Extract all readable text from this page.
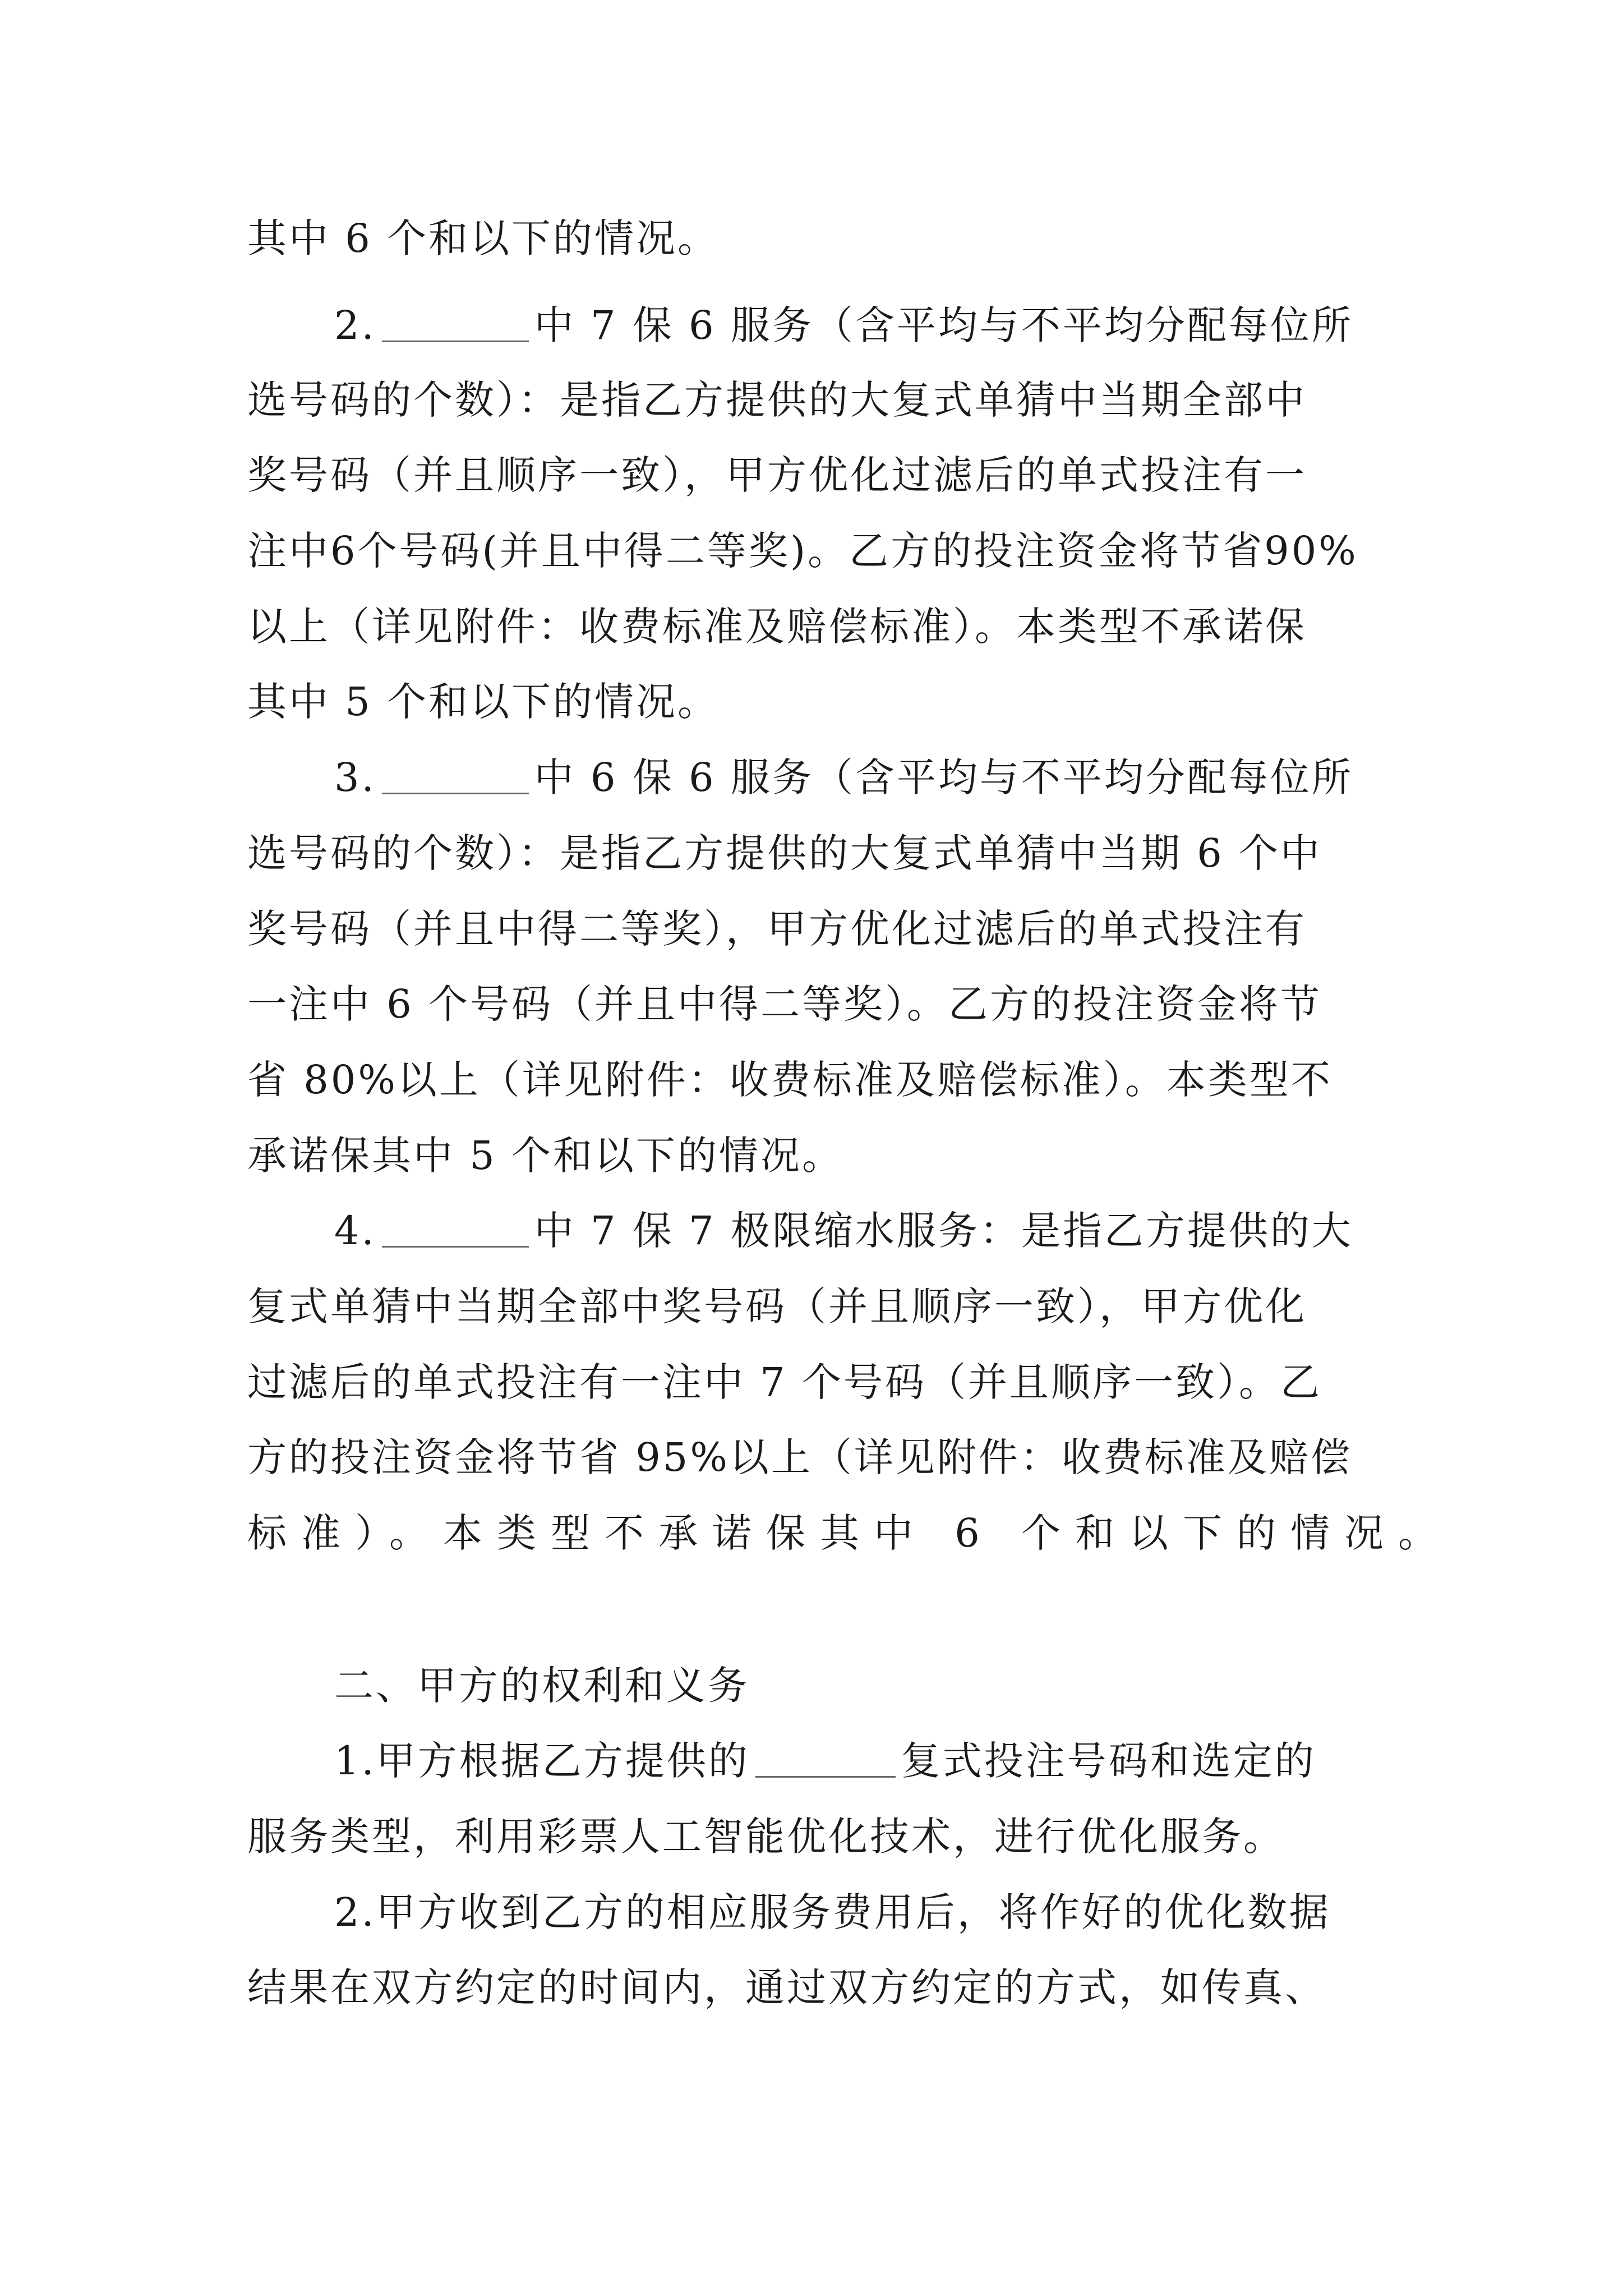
其中 6 个和以下的情况。
2.	中 7 保 6 服务（含平均与不平均分配每位所
选号码的个数）：是指乙方提供的大复式单猜中当期全部中
奖号码（并且顺序一致），甲方优化过滤后的单式投注有一
注中6个号码(并且中得二等奖)。乙方的投注资金将节省90%
以上（详见附件：收费标准及赔偿标准）。本类型不承诺保
其中 5 个和以下的情况。
3.	中 6 保 6 服务（含平均与不平均分配每位所
选号码的个数）：是指乙方提供的大复式单猜中当期 6 个中
奖号码（并且中得二等奖），甲方优化过滤后的单式投注有
一注中 6 个号码（并且中得二等奖）。乙方的投注资金将节
省 80%以上（详见附件：收费标准及赔偿标准）。本类型不
承诺保其中 5 个和以下的情况。
4.	中 7 保 7 极限缩水服务：是指乙方提供的大
复式单猜中当期全部中奖号码（并且顺序一致），甲方优化
过滤后的单式投注有一注中 7 个号码（并且顺序一致）。乙
方的投注资金将节省 95%以上（详见附件：收费标准及赔偿
标准）。本类型不承诺保其中 6 个和以下的情况。
二、甲方的权利和义务
1.甲方根据乙方提供的	复式投注号码和选定的
服务类型，利用彩票人工智能优化技术，进行优化服务。
2.甲方收到乙方的相应服务费用后，将作好的优化数据
结果在双方约定的时间内，通过双方约定的方式，如传真、
